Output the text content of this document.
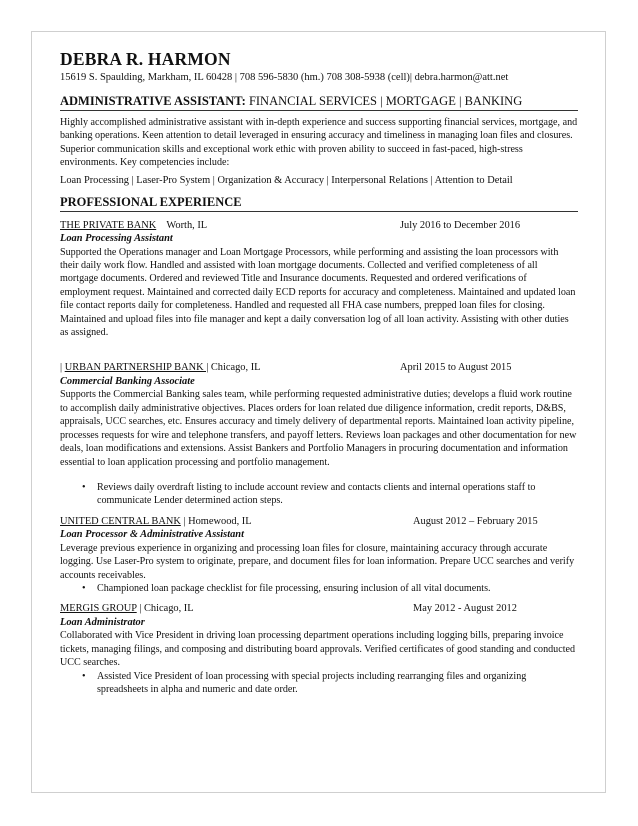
DEBRA R. HARMON
15619 S. Spaulding, Markham, IL 60428 | 708 596-5830 (hm.) 708 308-5938 (cell)| debra.harmon@att.net
ADMINISTRATIVE ASSISTANT: FINANCIAL SERVICES | MORTGAGE | BANKING

Highly accomplished administrative assistant with in-depth experience and success supporting financial services, mortgage, and banking operations. Keen attention to detail leveraged in ensuring accuracy and timeliness in managing loan files and closures. Superior communication skills and exceptional work ethic with proven ability to succeed in fast-paced, high-stress environments. Key competencies include:

Loan Processing | Laser-Pro System | Organization & Accuracy | Interpersonal Relations | Attention to Detail

PROFESSIONAL EXPERIENCE
THE PRIVATE BANK    Worth, IL	July 2016 to December 2016
Loan Processing Assistant

Supported the Operations manager and Loan Mortgage Processors, while performing and assisting the loan processors with their daily work flow. Handled and assisted with loan mortgage documents. Collected and verified completeness of all mortgage documents. Ordered and reviewed Title and Insurance documents. Requested and ordered verifications of employment request. Maintained and corrected daily ECD reports for accuracy and completeness. Maintained and updated loan file contact reports daily for completeness. Handled and requested all FHA case numbers, prepped loan files for closing. Maintained and upload files into file manager and kept a daily conversation log of all loan activity. Assisting with other duties as assigned.

| URBAN PARTNERSHIP BANK | Chicago, IL	April 2015 to August 2015
Commercial Banking Associate

Supports the Commercial Banking sales team, while performing requested administrative duties; develops a fluid work routine to accomplish daily administrative objectives. Places orders for loan related due diligence information, credit reports, D&BS, appraisals, UCC searches, etc. Ensures accuracy and timely delivery of departmental reports. Maintained loan activity pipeline, processes requests for wire and telephone transfers, and payoff letters. Reviews loan packages and other documentation for new deals, loan modifications and extensions. Assist Bankers and Portfolio Managers in procuring documentation and information essential to loan application processing and portfolio management.

• Reviews daily overdraft listing to include account review and contacts clients and internal operations staff to communicate Lender determined action steps.
UNITED CENTRAL BANK | Homewood, IL	August 2012 – February 2015
Loan Processor & Administrative Assistant

Leverage previous experience in organizing and processing loan files for closure, maintaining accuracy through accurate logging. Use Laser-Pro system to originate, prepare, and document files for loan information. Prepare UCC searches and verify accounts receivables.

• Championed loan package checklist for file processing, ensuring inclusion of all vital documents.
MERGIS GROUP | Chicago, IL	May 2012 - August 2012
Loan Administrator

Collaborated with Vice President in driving loan processing department operations including logging bills, preparing invoice tickets, managing filings, and composing and distributing board approvals. Verified certificates of good standing and conducted UCC searches.

• Assisted Vice President of loan processing with special projects including rearranging files and organizing spreadsheets in alpha and numeric and date order.
